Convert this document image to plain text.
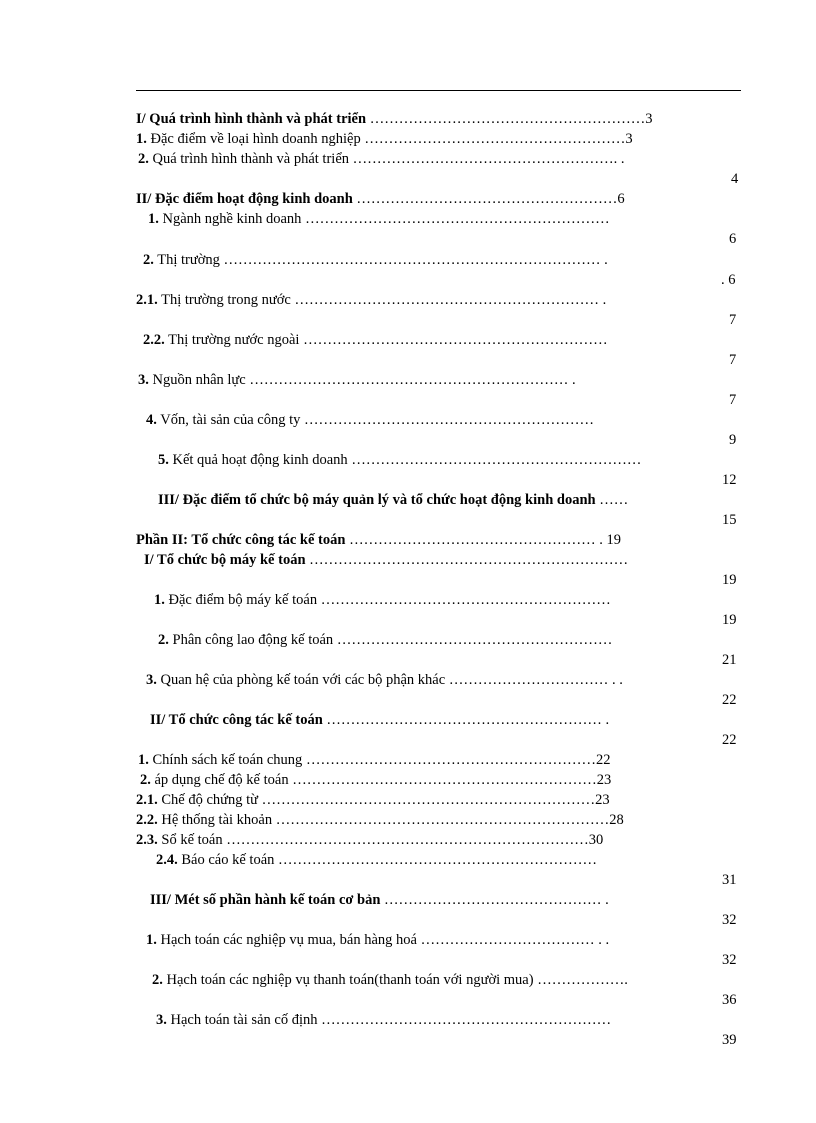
I/ Quá trình hình thành và phát triển …………………………………………………3
1. Đặc điểm về loại hình doanh nghiệp ………………………………………………3
2. Quá trình hình thành và phát triển ………………………………………………. .
4
II/ Đặc điểm hoạt động kinh doanh ………………………………………………6
1. Ngành nghề kinh doanh ………………………………………………………
6
2. Thị trường …………………………………………………………………… .
. 6
2.1. Thị trường trong nước ……………………………………………………… .
7
2.2. Thị trường nước ngoài ………………………………………………………
7
3. Nguồn nhân lực ………………………………………………………… .
7
4. Vốn, tài sản của công ty ……………………………………………………
9
5. Kết quả hoạt động kinh doanh ……………………………………………………
12
III/ Đặc điểm tổ chức bộ máy quản lý và tổ chức hoạt động kinh doanh ……
15
Phần II: Tổ chức công tác kế toán …………………………………………… . 19
I/ Tổ chức bộ máy kế toán …………………………………………………………
19
1. Đặc điểm bộ máy kế toán ……………………………………………………
19
2. Phân công lao động kế toán …………………………………………………
21
3. Quan hệ của phòng kế toán với các bộ phận khác …………………………… . .
22
II/ Tổ chức công tác kế toán ………………………………………………… .
22
1. Chính sách kế toán chung ……………………………………………………22
2. áp dụng chế độ kế toán ………………………………………………………23
2.1. Chế độ chứng từ ……………………………………………………………23
2.2. Hệ thống tài khoản ……………………………………………………………28
2.3. Sổ kế toán …………………………………………………………………30
2.4. Báo cáo kế toán …………………………………………………………
31
III/ Mét số phần hành kế toán cơ bản ……………………………………… .
32
1. Hạch toán các nghiệp vụ mua, bán hàng hoá ……………………………… . .
32
2. Hạch toán các nghiệp vụ thanh toán(thanh toán với người mua) ……………….
36
3. Hạch toán tài sản cố định ……………………………………………………
39
